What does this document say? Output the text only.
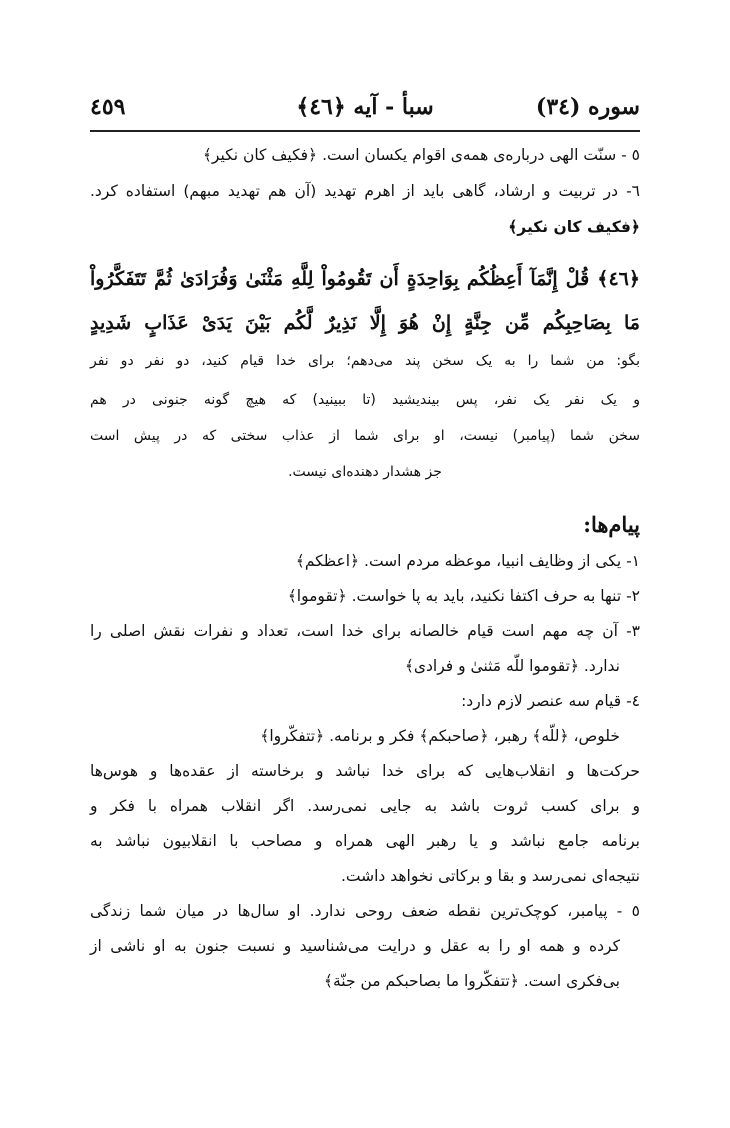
سوره (٣٤)
سبأ - آيه ﴿٤٦﴾
٤٥٩
٥ - سنّت الهى درباره‌ى همه‌ى اقوام يكسان است. ﴿فكيف كان نكير﴾
٦- در تربيت و ارشاد، گاهى بايد از اهرم تهديد (آن هم تهديد مبهم) استفاده كرد.
﴿فكيف كان نكير﴾
﴿٤٦﴾ قُلْ إِنَّمَآ أَعِظُكُم بِوَاحِدَةٍ أَن تَقُومُواْ لِلَّهِ مَثْنَىٰ وَفُرَادَىٰ ثُمَّ تَتَفَكَّرُواْ
مَا بِصَاحِبِكُم مِّن جِنَّةٍ إِنْ هُوَ إِلَّا نَذِيرٌ لَّكُم بَيْنَ يَدَىْ عَذَابٍ شَدِيدٍ
بگو: من شما را به يک سخن پند مى‌دهم؛ براى خدا قيام كنيد، دو نفر دو نفر
و يک نفر يک نفر، پس بينديشيد (تا ببينيد) كه هيچ گونه جنونى در هم
سخن شما (پيامبر) نيست، او براى شما از عذاب سختى كه در پيش است
جز هشدار دهنده‌اى نيست.
پيام‌ها:
١- يكى از وظايف انبيا، موعظه مردم است. ﴿اعظكم﴾
٢- تنها به حرف اكتفا نكنيد، بايد به پا خواست. ﴿تقوموا﴾
٣- آن چه مهم است قيام خالصانه براى خدا است، تعداد و نفرات نقش اصلى را
ندارد. ﴿تقوموا للّه مَثنىٰ و فرادى﴾
٤- قيام سه عنصر لازم دارد:
خلوص، ﴿للّه﴾ رهبر، ﴿صاحبكم﴾ فكر و برنامه. ﴿تتفكّروا﴾
حركت‌ها و انقلاب‌هايى كه براى خدا نباشد و برخاسته از عقده‌ها و هوس‌ها
و براى كسب ثروت باشد به جايى نمى‌رسد. اگر انقلاب همراه با فكر و
برنامه جامع نباشد و يا رهبر الهى همراه و مصاحب با انقلابيون نباشد به
نتيجه‌اى نمى‌رسد و بقا و بركاتى نخواهد داشت.
٥ - پيامبر، كوچک‌ترين نقطه ضعف روحى ندارد. او سال‌ها در ميان شما زندگى
كرده و همه او را به عقل و درايت مى‌شناسيد و نسبت جنون به او ناشى از
بى‌فكرى است. ﴿تتفكّروا ما بصاحبكم من جنّة﴾
